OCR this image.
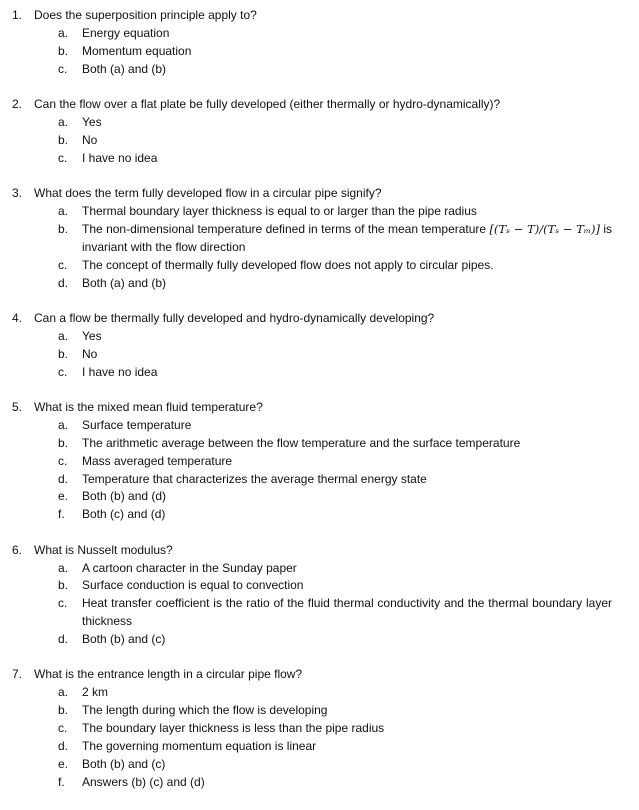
1. Does the superposition principle apply to?
a.	Energy equation
b.	Momentum equation
c.	Both (a) and (b)
2. Can the flow over a flat plate be fully developed (either thermally or hydro-dynamically)?
a.	Yes
b.	No
c.	I have no idea
3. What does the term fully developed flow in a circular pipe signify?
a.	Thermal boundary layer thickness is equal to or larger than the pipe radius
b.	The non-dimensional temperature defined in terms of the mean temperature [(Tₛ − T)/(Tₛ − Tₘ)] is invariant with the flow direction
c.	The concept of thermally fully developed flow does not apply to circular pipes.
d.	Both (a) and (b)
4. Can a flow be thermally fully developed and hydro-dynamically developing?
a.	Yes
b.	No
c.	I have no idea
5. What is the mixed mean fluid temperature?
a.	Surface temperature
b.	The arithmetic average between the flow temperature and the surface temperature
c.	Mass averaged temperature
d.	Temperature that characterizes the average thermal energy state
e.	Both (b) and (d)
f.	Both (c) and (d)
6. What is Nusselt modulus?
a.	A cartoon character in the Sunday paper
b.	Surface conduction is equal to convection
c.	Heat transfer coefficient is the ratio of the fluid thermal conductivity and the thermal boundary layer thickness
d.	Both (b) and (c)
7. What is the entrance length in a circular pipe flow?
a.	2 km
b.	The length during which the flow is developing
c.	The boundary layer thickness is less than the pipe radius
d.	The governing momentum equation is linear
e.	Both (b) and (c)
f.	Answers (b) (c) and (d)
